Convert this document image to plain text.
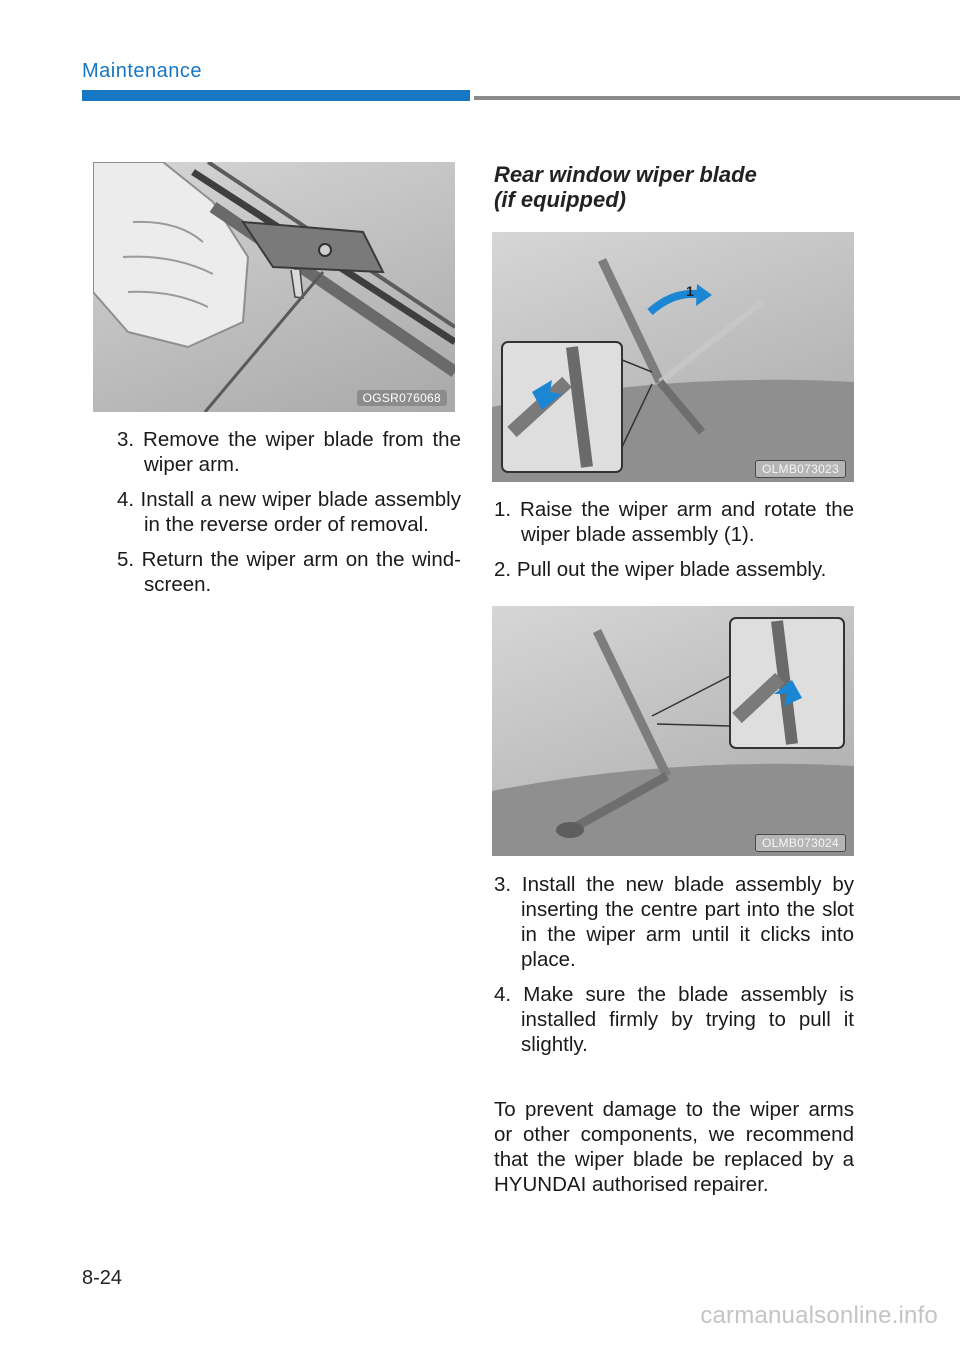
Maintenance
OGSR076068
3. Remove the wiper blade from the wiper arm.
4. Install a new wiper blade assembly in the reverse order of removal.
5. Return the wiper arm on the wind-screen.
Rear window wiper blade
(if equipped)
1
OLMB073023
1. Raise the wiper arm and rotate the wiper blade assembly (1).
2. Pull out the wiper blade assembly.
OLMB073024
3. Install the new blade assembly by inserting the centre part into the slot in the wiper arm until it clicks into place.
4. Make sure the blade assembly is installed firmly by trying to pull it slightly.

To prevent damage to the wiper arms or other components, we recommend that the wiper blade be replaced by a HYUNDAI authorised repairer.

8-24
carmanualsonline.info
